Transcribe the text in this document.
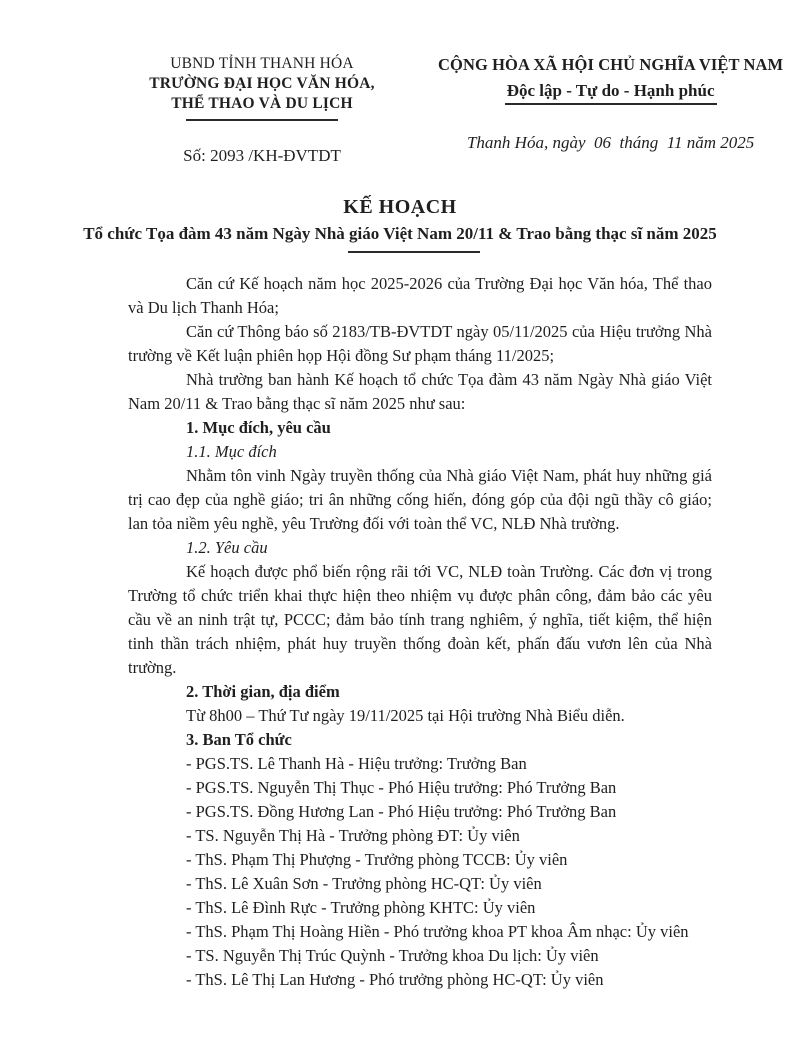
UBND TỈNH THANH HÓA
TRƯỜNG ĐẠI HỌC VĂN HÓA,
THỂ THAO VÀ DU LỊCH
Số: 2093 /KH-ĐVTDT
CỘNG HÒA XÃ HỘI CHỦ NGHĨA VIỆT NAM
Độc lập - Tự do - Hạnh phúc
Thanh Hóa, ngày  06  tháng  11 năm 2025
KẾ HOẠCH
Tổ chức Tọa đàm 43 năm Ngày Nhà giáo Việt Nam 20/11 & Trao bằng thạc sĩ năm 2025
Căn cứ Kế hoạch năm học 2025-2026 của Trường Đại học Văn hóa, Thể thao và Du lịch Thanh Hóa;
Căn cứ Thông báo số 2183/TB-ĐVTDT ngày 05/11/2025 của Hiệu trưởng Nhà trường về Kết luận phiên họp Hội đồng Sư phạm tháng 11/2025;
Nhà trường ban hành Kế hoạch tổ chức Tọa đàm 43 năm Ngày Nhà giáo Việt Nam 20/11 & Trao bằng thạc sĩ năm 2025 như sau:
1. Mục đích, yêu cầu
1.1. Mục đích
Nhằm tôn vinh Ngày truyền thống của Nhà giáo Việt Nam, phát huy những giá trị cao đẹp của nghề giáo; tri ân những cống hiến, đóng góp của đội ngũ thầy cô giáo; lan tỏa niềm yêu nghề, yêu Trường đối với toàn thể VC, NLĐ Nhà trường.
1.2. Yêu cầu
Kế hoạch được phổ biến rộng rãi tới VC, NLĐ toàn Trường. Các đơn vị trong Trường tổ chức triển khai thực hiện theo nhiệm vụ được phân công, đảm bảo các yêu cầu về an ninh trật tự, PCCC; đảm bảo tính trang nghiêm, ý nghĩa, tiết kiệm, thể hiện tinh thần trách nhiệm, phát huy truyền thống đoàn kết, phấn đấu vươn lên của Nhà trường.
2. Thời gian, địa điểm
Từ 8h00 – Thứ Tư ngày 19/11/2025 tại Hội trường Nhà Biểu diễn.
3. Ban Tổ chức
- PGS.TS. Lê Thanh Hà - Hiệu trưởng: Trưởng Ban
- PGS.TS. Nguyễn Thị Thục - Phó Hiệu trưởng: Phó Trưởng Ban
- PGS.TS. Đồng Hương Lan - Phó Hiệu trưởng: Phó Trưởng Ban
- TS. Nguyễn Thị Hà - Trưởng phòng ĐT: Ủy viên
- ThS. Phạm Thị Phượng - Trưởng phòng TCCB: Ủy viên
- ThS. Lê Xuân Sơn - Trưởng phòng HC-QT: Ủy viên
- ThS. Lê Đình Rực - Trưởng phòng KHTC: Ủy viên
- ThS. Phạm Thị Hoàng Hiền - Phó trưởng khoa PT khoa Âm nhạc: Ủy viên
- TS. Nguyễn Thị Trúc Quỳnh - Trưởng khoa Du lịch: Ủy viên
- ThS. Lê Thị Lan Hương - Phó trưởng phòng HC-QT: Ủy viên
